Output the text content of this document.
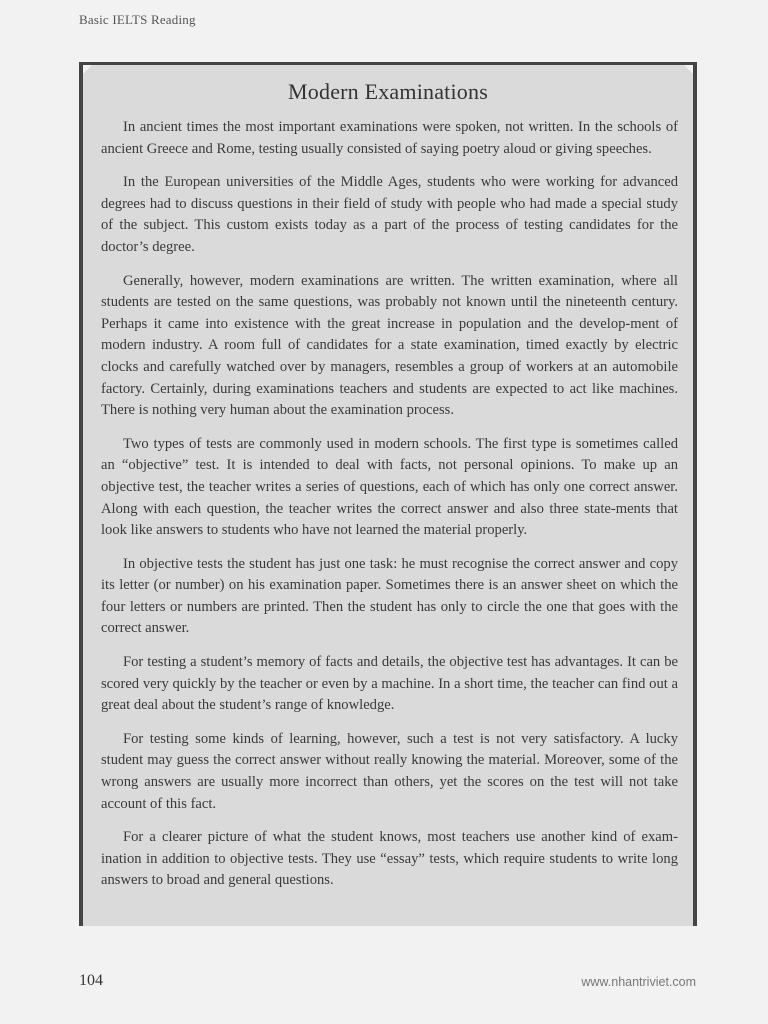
Basic IELTS Reading
Modern Examinations

In ancient times the most important examinations were spoken, not written. In the schools of ancient Greece and Rome, testing usually consisted of saying poetry aloud or giving speeches.

In the European universities of the Middle Ages, students who were working for advanced degrees had to discuss questions in their field of study with people who had made a special study of the subject. This custom exists today as a part of the process of testing candidates for the doctor’s degree.

Generally, however, modern examinations are written. The written examination, where all students are tested on the same questions, was probably not known until the nineteenth century. Perhaps it came into existence with the great increase in population and the develop-ment of modern industry. A room full of candidates for a state examination, timed exactly by electric clocks and carefully watched over by managers, resembles a group of workers at an automobile factory. Certainly, during examinations teachers and students are expected to act like machines. There is nothing very human about the examination process.

Two types of tests are commonly used in modern schools. The first type is sometimes called an “objective” test. It is intended to deal with facts, not personal opinions. To make up an objective test, the teacher writes a series of questions, each of which has only one correct answer. Along with each question, the teacher writes the correct answer and also three state-ments that look like answers to students who have not learned the material properly.

In objective tests the student has just one task: he must recognise the correct answer and copy its letter (or number) on his examination paper. Sometimes there is an answer sheet on which the four letters or numbers are printed. Then the student has only to circle the one that goes with the correct answer.

For testing a student’s memory of facts and details, the objective test has advantages. It can be scored very quickly by the teacher or even by a machine. In a short time, the teacher can find out a great deal about the student’s range of knowledge.

For testing some kinds of learning, however, such a test is not very satisfactory. A lucky student may guess the correct answer without really knowing the material. Moreover, some of the wrong answers are usually more incorrect than others, yet the scores on the test will not take account of this fact.

For a clearer picture of what the student knows, most teachers use another kind of exam-ination in addition to objective tests. They use “essay” tests, which require students to write long answers to broad and general questions.

104	www.nhantriviet.com
